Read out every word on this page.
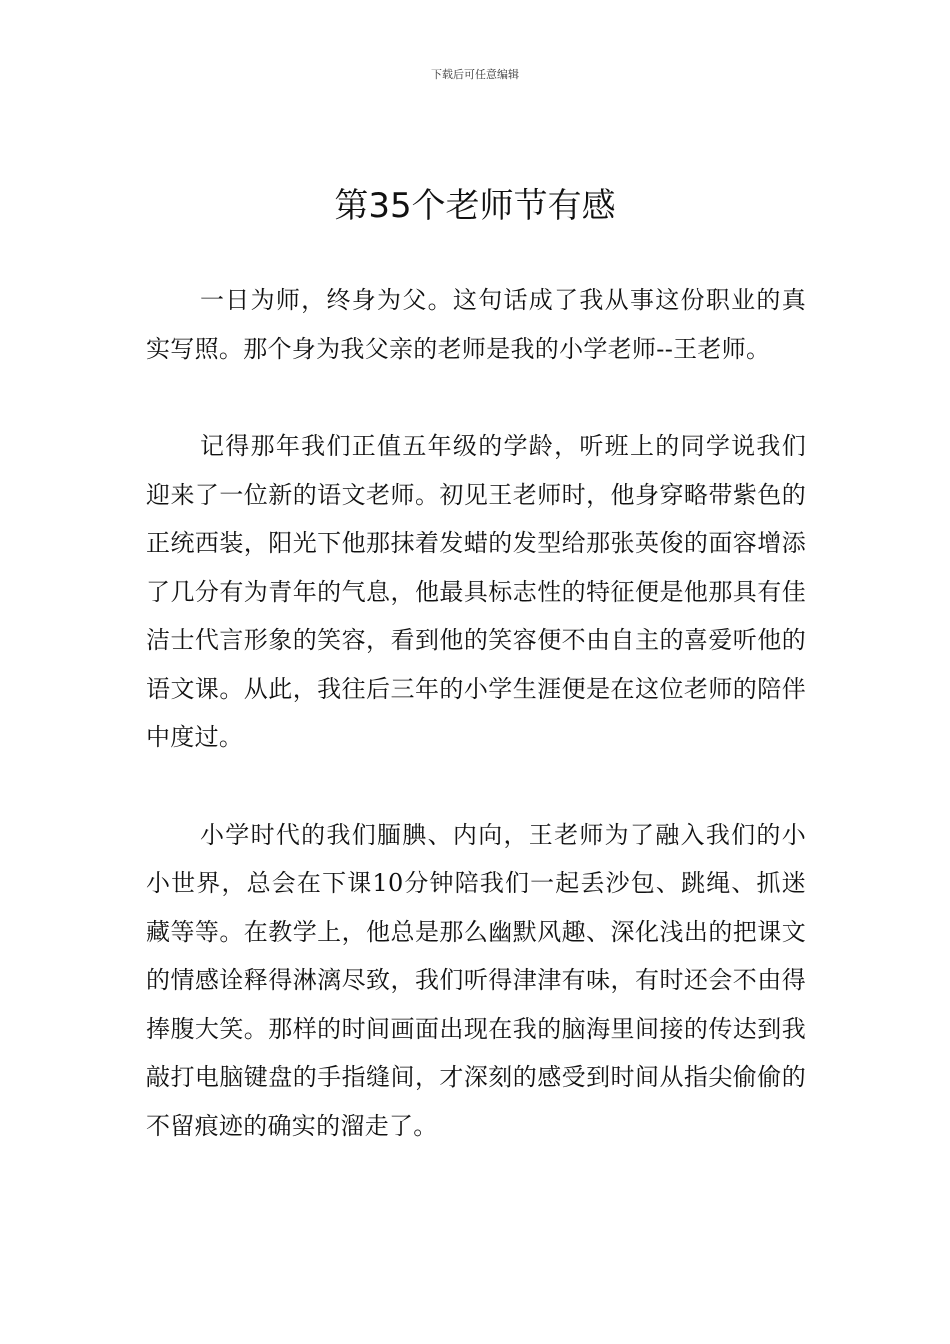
下载后可任意编辑
第35个老师节有感

一日为师，终身为父。这句话成了我从事这份职业的真实写照。那个身为我父亲的老师是我的小学老师--王老师。

记得那年我们正值五年级的学龄，听班上的同学说我们迎来了一位新的语文老师。初见王老师时，他身穿略带紫色的正统西装，阳光下他那抹着发蜡的发型给那张英俊的面容增添了几分有为青年的气息，他最具标志性的特征便是他那具有佳洁士代言形象的笑容，看到他的笑容便不由自主的喜爱听他的语文课。从此，我往后三年的小学生涯便是在这位老师的陪伴中度过。

小学时代的我们腼腆、内向，王老师为了融入我们的小小世界，总会在下课10分钟陪我们一起丢沙包、跳绳、抓迷藏等等。在教学上，他总是那么幽默风趣、深化浅出的把课文的情感诠释得淋漓尽致，我们听得津津有味，有时还会不由得捧腹大笑。那样的时间画面出现在我的脑海里间接的传达到我敲打电脑键盘的手指缝间，才深刻的感受到时间从指尖偷偷的不留痕迹的确实的溜走了。
